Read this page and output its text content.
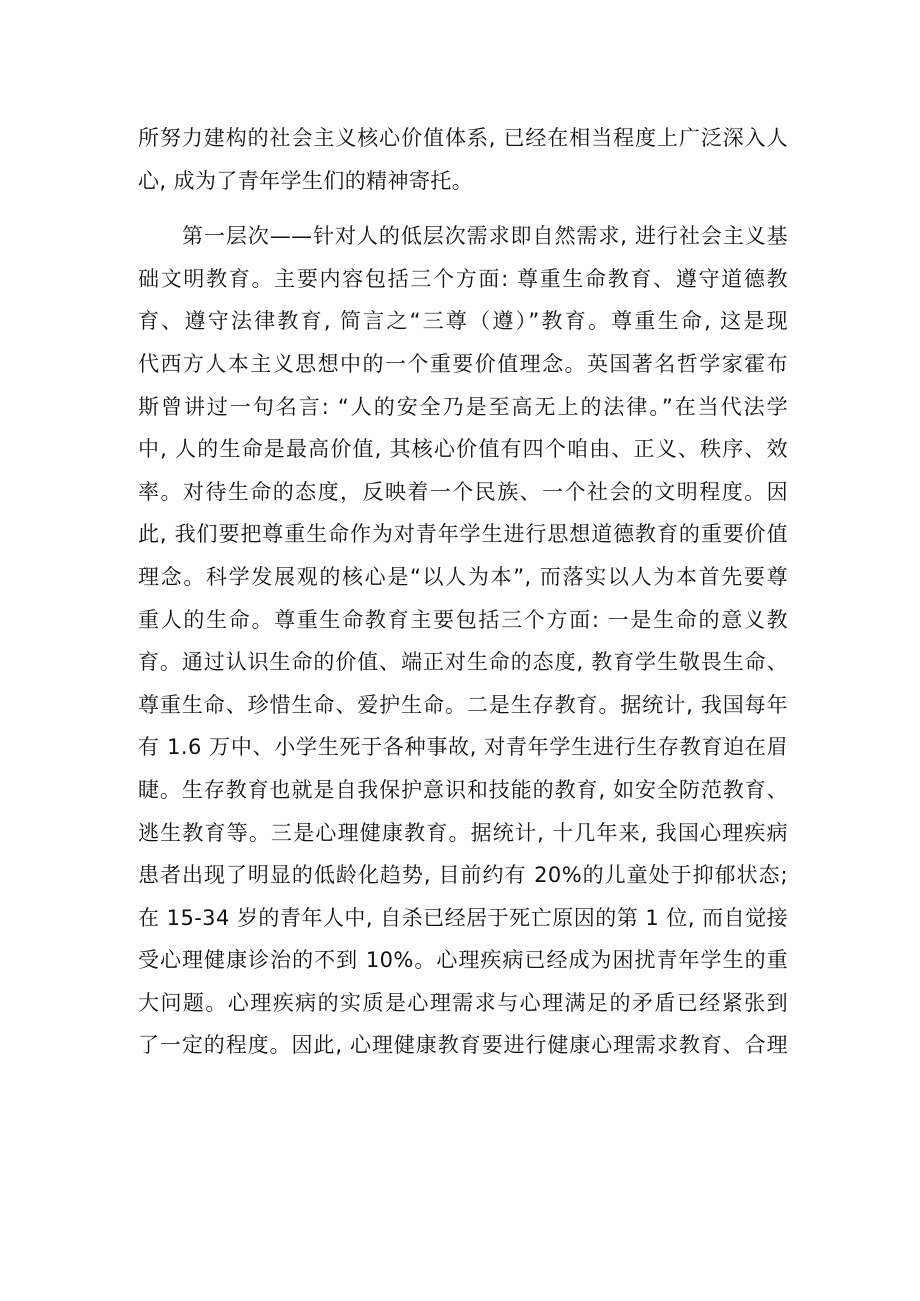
所努力建构的社会主义核心价值体系, 已经在相当程度上广泛深入人
心, 成为了青年学生们的精神寄托。
第一层次——针对人的低层次需求即自然需求, 进行社会主义基
础文明教育。主要内容包括三个方面: 尊重生命教育、遵守道德教
育、遵守法律教育, 简言之“三尊（遵）”教育。尊重生命, 这是现
代西方人本主义思想中的一个重要价值理念。英国著名哲学家霍布
斯曾讲过一句名言: “人的安全乃是至高无上的法律。”在当代法学
中, 人的生命是最高价值, 其核心价值有四个咱由、正义、秩序、效
率。对待生命的态度，反映着一个民族、一个社会的文明程度。因
此, 我们要把尊重生命作为对青年学生进行思想道德教育的重要价值
理念。科学发展观的核心是“以人为本”, 而落实以人为本首先要尊
重人的生命。尊重生命教育主要包括三个方面: 一是生命的意义教
育。通过认识生命的价值、端正对生命的态度, 教育学生敬畏生命、
尊重生命、珍惜生命、爱护生命。二是生存教育。据统计, 我国每年
有 1.6 万中、小学生死于各种事故, 对青年学生进行生存教育迫在眉
睫。生存教育也就是自我保护意识和技能的教育, 如安全防范教育、
逃生教育等。三是心理健康教育。据统计, 十几年来, 我国心理疾病
患者出现了明显的低龄化趋势, 目前约有 20%的儿童处于抑郁状态;
在 15-34 岁的青年人中, 自杀已经居于死亡原因的第 1 位, 而自觉接
受心理健康诊治的不到 10%。心理疾病已经成为困扰青年学生的重
大问题。心理疾病的实质是心理需求与心理满足的矛盾已经紧张到
了一定的程度。因此, 心理健康教育要进行健康心理需求教育、合理
